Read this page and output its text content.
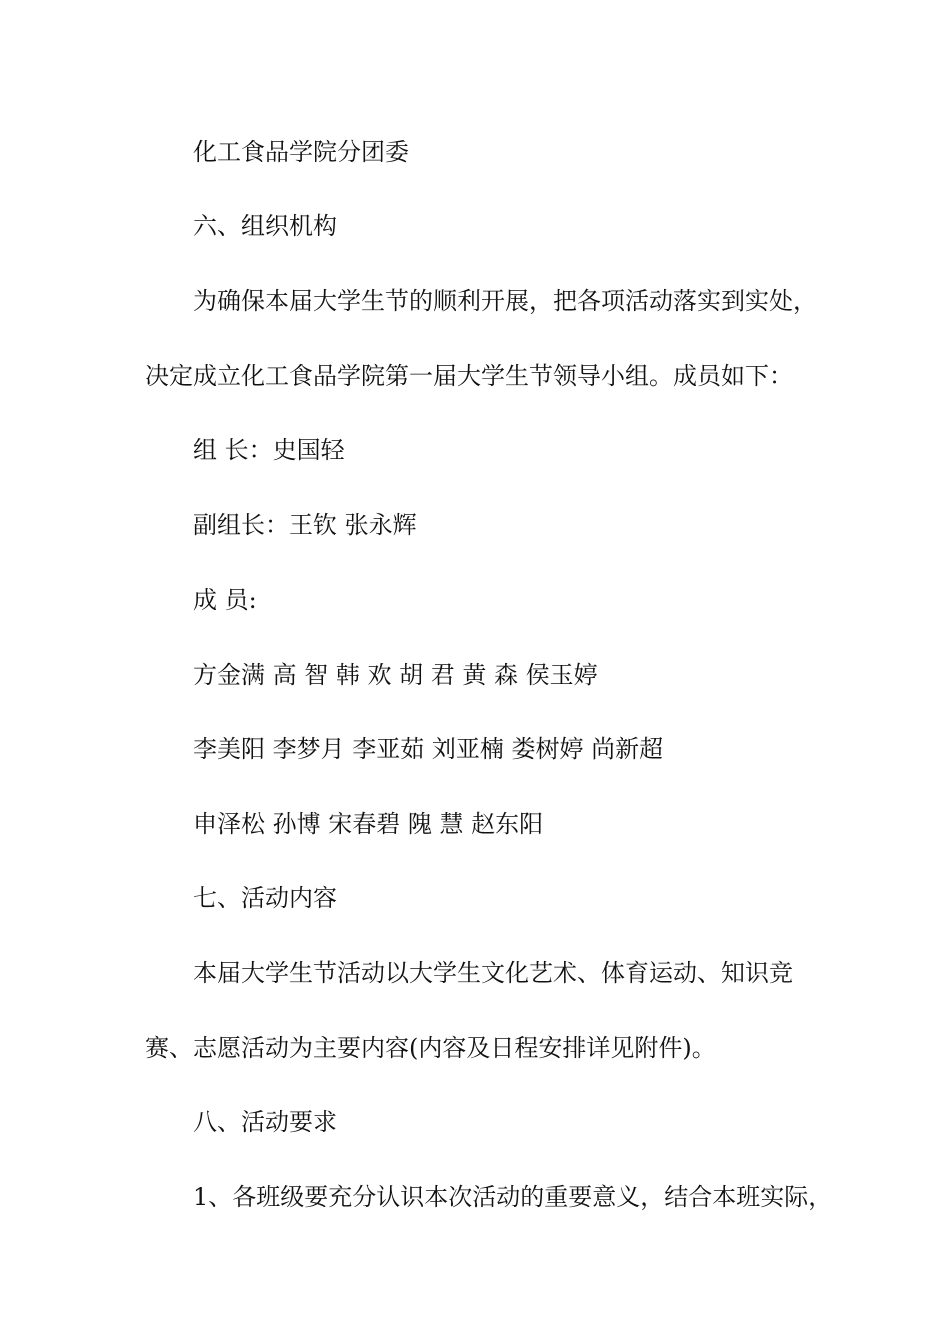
化工食品学院分团委
六、组织机构
为确保本届大学生节的顺利开展，把各项活动落实到实处，
决定成立化工食品学院第一届大学生节领导小组。成员如下：
组 长：史国轻
副组长：王钦 张永辉
成 员:
方金满 高 智 韩 欢 胡 君 黄 森 侯玉婷
李美阳 李梦月 李亚茹 刘亚楠 娄树婷 尚新超
申泽松 孙博 宋春碧 隗 慧 赵东阳
七、活动内容
本届大学生节活动以大学生文化艺术、体育运动、知识竞
赛、志愿活动为主要内容(内容及日程安排详见附件)。
八、活动要求
1、各班级要充分认识本次活动的重要意义，结合本班实际，
